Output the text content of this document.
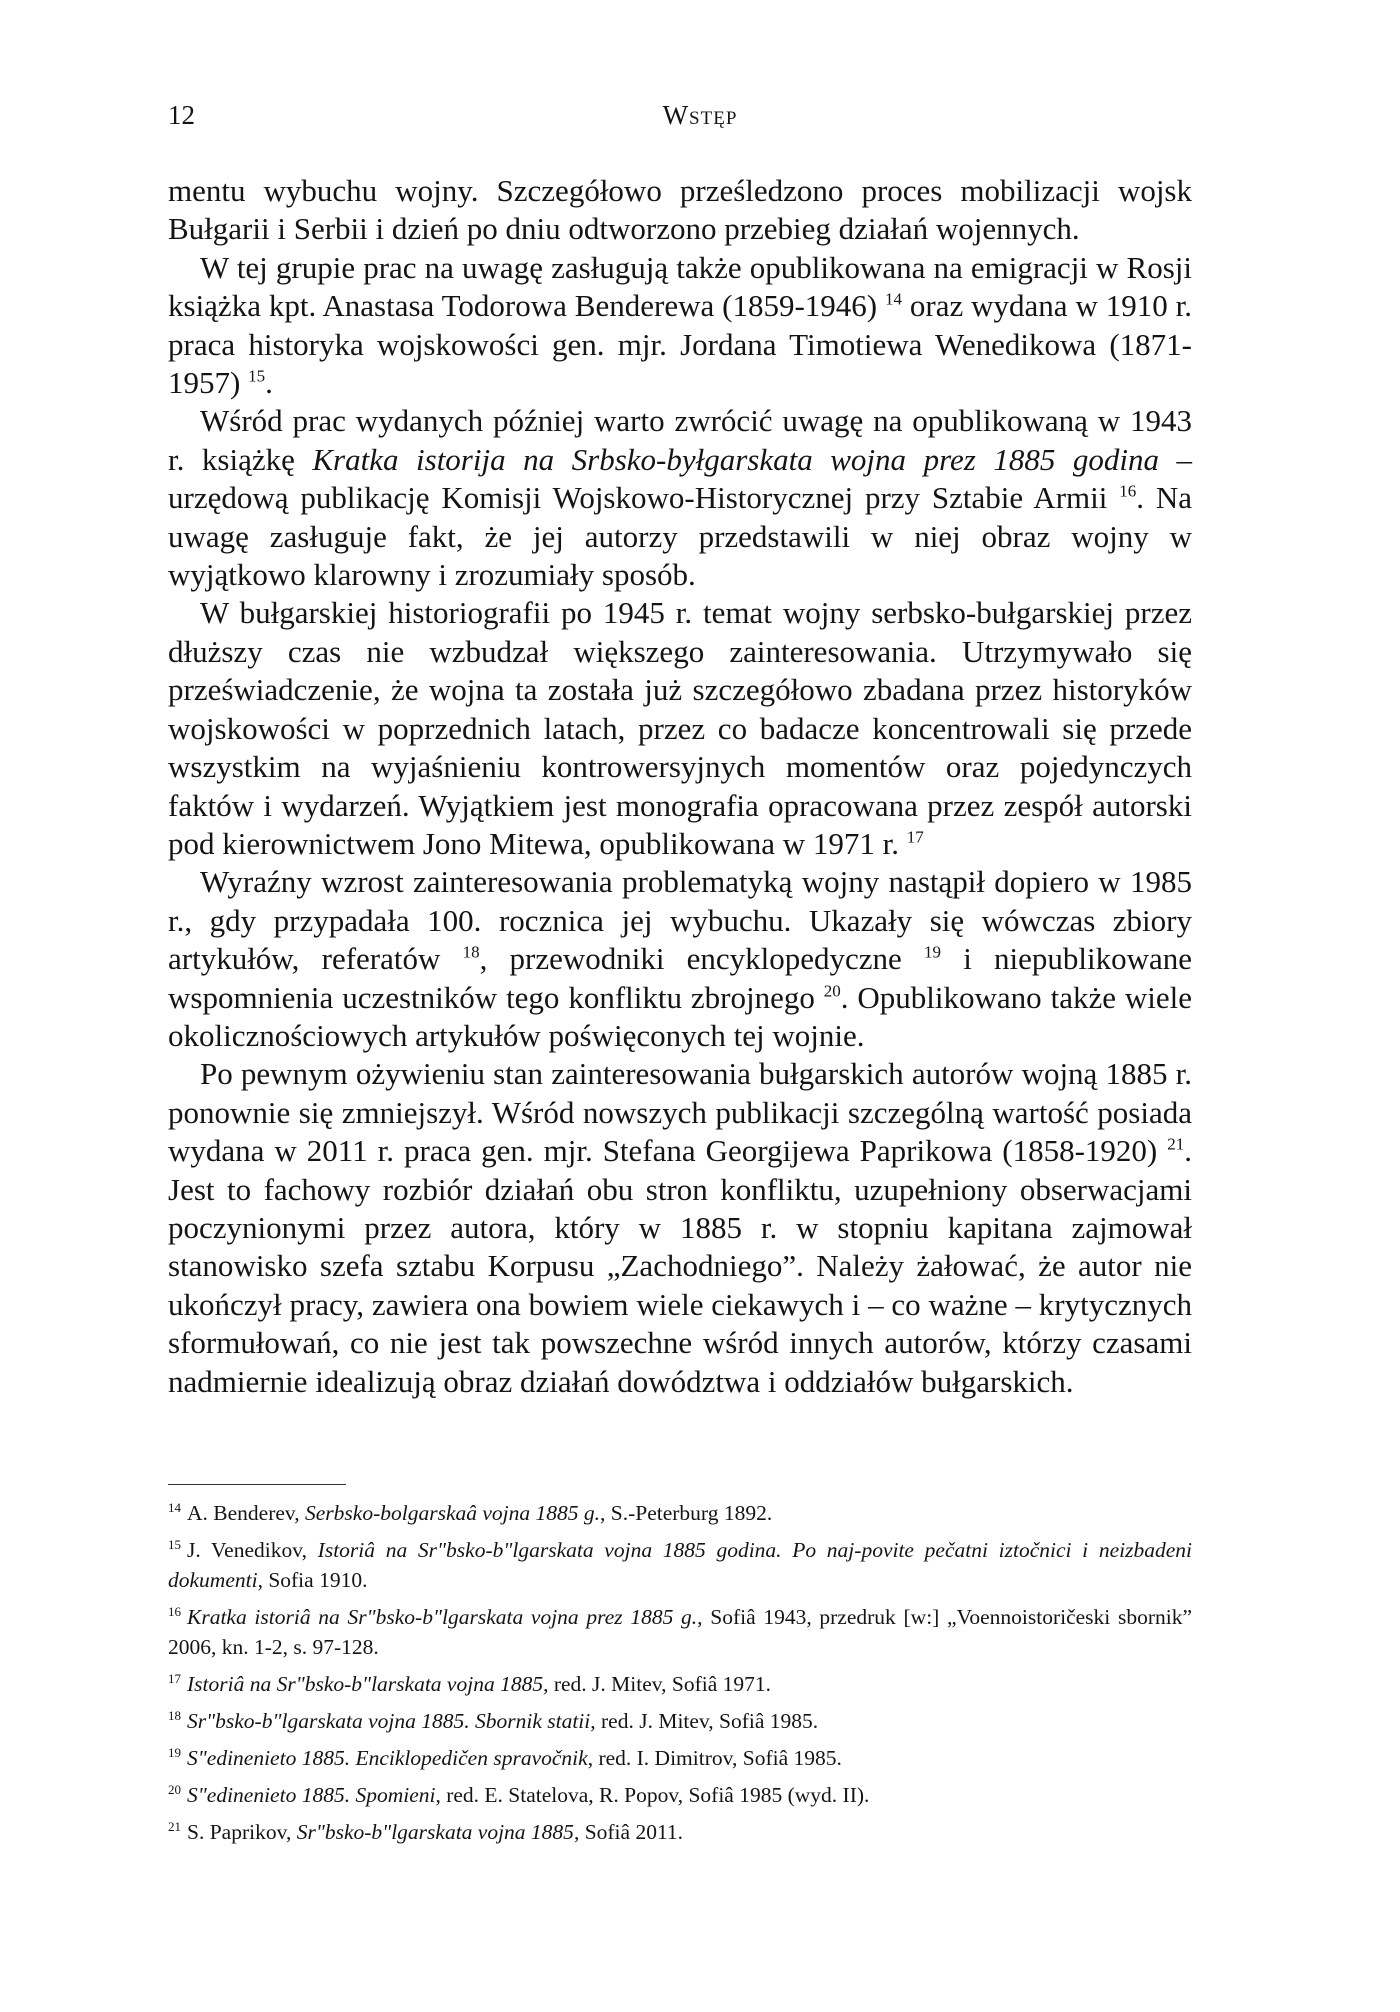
12	Wstęp

mentu wybuchu wojny. Szczegółowo prześledzono proces mobilizacji wojsk Bułgarii i Serbii i dzień po dniu odtworzono przebieg działań wojennych.

W tej grupie prac na uwagę zasługują także opublikowana na emigracji w Rosji książka kpt. Anastasa Todorowa Benderewa (1859-1946) $^{14}$ oraz wydana w 1910 r. praca historyka wojskowości gen. mjr. Jordana Timotiewa Wenedikowa (1871-1957) $^{15}$.

Wśród prac wydanych później warto zwrócić uwagę na opublikowaną w 1943 r. książkę Kratka istorija na Srbsko-byłgarskata wojna prez 1885 godina – urzędową publikację Komisji Wojskowo-Historycznej przy Sztabie Armii $^{16}$. Na uwagę zasługuje fakt, że jej autorzy przedstawili w niej obraz wojny w wyjątkowo klarowny i zrozumiały sposób.

W bułgarskiej historiografii po 1945 r. temat wojny serbsko-bułgarskiej przez dłuższy czas nie wzbudzał większego zainteresowania. Utrzymywało się przeświadczenie, że wojna ta została już szczegółowo zbadana przez historyków wojskowości w poprzednich latach, przez co badacze koncentrowali się przede wszystkim na wyjaśnieniu kontrowersyjnych momentów oraz pojedynczych faktów i wydarzeń. Wyjątkiem jest monografia opracowana przez zespół autorski pod kierownictwem Jono Mitewa, opublikowana w 1971 r. $^{17}$

Wyraźny wzrost zainteresowania problematyką wojny nastąpił dopiero w 1985 r., gdy przypadała 100. rocznica jej wybuchu. Ukazały się wówczas zbiory artykułów, referatów $^{18}$, przewodniki encyklopedyczne $^{19}$ i niepublikowane wspomnienia uczestników tego konfliktu zbrojnego $^{20}$. Opublikowano także wiele okolicznościowych artykułów poświęconych tej wojnie.

Po pewnym ożywieniu stan zainteresowania bułgarskich autorów wojną 1885 r. ponownie się zmniejszył. Wśród nowszych publikacji szczególną wartość posiada wydana w 2011 r. praca gen. mjr. Stefana Georgijewa Paprikowa (1858-1920) $^{21}$. Jest to fachowy rozbiór działań obu stron konfliktu, uzupełniony obserwacjami poczynionymi przez autora, który w 1885 r. w stopniu kapitana zajmował stanowisko szefa sztabu Korpusu „Zachodniego”. Należy żałować, że autor nie ukończył pracy, zawiera ona bowiem wiele ciekawych i – co ważne – krytycznych sformułowań, co nie jest tak powszechne wśród innych autorów, którzy czasami nadmiernie idealizują obraz działań dowództwa i oddziałów bułgarskich.

$^{14}$ A. Benderev, Serbsko-bolgarskaâ vojna 1885 g., S.-Peterburg 1892.

$^{15}$ J. Venedikov, Istoriâ na Sr"bsko-b"lgarskata vojna 1885 godina. Po naj-povite pečatni iztočnici i neizbadeni dokumenti, Sofia 1910.

$^{16}$ Kratka istoriâ na Sr"bsko-b"lgarskata vojna prez 1885 g., Sofiâ 1943, przedruk [w:] „Voennoistoričeski sbornik” 2006, kn. 1-2, s. 97-128.

$^{17}$ Istoriâ na Sr"bsko-b"larskata vojna 1885, red. J. Mitev, Sofiâ 1971.

$^{18}$ Sr"bsko-b"lgarskata vojna 1885. Sbornik statii, red. J. Mitev, Sofiâ 1985.

$^{19}$ S"edinenieto 1885. Enciklopedičen spravočnik, red. I. Dimitrov, Sofiâ 1985.

$^{20}$ S"edinenieto 1885. Spomieni, red. E. Statelova, R. Popov, Sofiâ 1985 (wyd. II).

$^{21}$ S. Paprikov, Sr"bsko-b"lgarskata vojna 1885, Sofiâ 2011.
